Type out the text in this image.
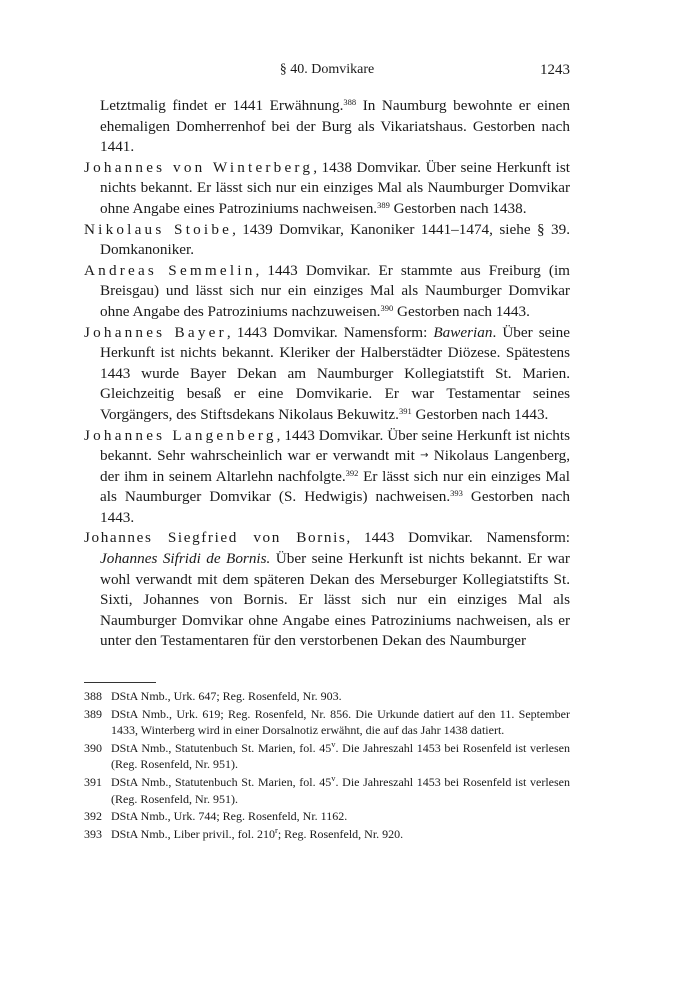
§ 40. Domvikare	1243

Letztmalig findet er 1441 Erwähnung.$^{388}$ In Naumburg bewohnte er einen ehemaligen Domherrenhof bei der Burg als Vikariatshaus. Gestorben nach 1441.

Johannes von Winterberg, 1438 Domvikar. Über seine Herkunft ist nichts bekannt. Er lässt sich nur ein einziges Mal als Naumburger Domvikar ohne Angabe eines Patroziniums nachweisen.$^{389}$ Gestorben nach 1438.

Nikolaus Stoibe, 1439 Domvikar, Kanoniker 1441–1474, siehe § 39. Domkanoniker.

Andreas Semmelin, 1443 Domvikar. Er stammte aus Freiburg (im Breisgau) und lässt sich nur ein einziges Mal als Naumburger Domvikar ohne Angabe des Patroziniums nachzuweisen.$^{390}$ Gestorben nach 1443.

Johannes Bayer, 1443 Domvikar. Namensform: Bawerian. Über seine Herkunft ist nichts bekannt. Kleriker der Halberstädter Diözese. Spätestens 1443 wurde Bayer Dekan am Naumburger Kollegiatstift St. Marien. Gleichzeitig besaß er eine Domvikarie. Er war Testamentar seines Vorgängers, des Stiftsdekans Nikolaus Bekuwitz.$^{391}$ Gestorben nach 1443.

Johannes Langenberg, 1443 Domvikar. Über seine Herkunft ist nichts bekannt. Sehr wahrscheinlich war er verwandt mit → Nikolaus Langenberg, der ihm in seinem Altarlehn nachfolgte.$^{392}$ Er lässt sich nur ein einziges Mal als Naumburger Domvikar (S. Hedwigis) nachweisen.$^{393}$ Gestorben nach 1443.

Johannes Siegfried von Bornis, 1443 Domvikar. Namensform: Johannes Sifridi de Bornis. Über seine Herkunft ist nichts bekannt. Er war wohl verwandt mit dem späteren Dekan des Merseburger Kollegiatstifts St. Sixti, Johannes von Bornis. Er lässt sich nur ein einziges Mal als Naumburger Domvikar ohne Angabe eines Patroziniums nachweisen, als er unter den Testamentaren für den verstorbenen Dekan des Naumburger

388 DStA Nmb., Urk. 647; Reg. Rosenfeld, Nr. 903.

389 DStA Nmb., Urk. 619; Reg. Rosenfeld, Nr. 856. Die Urkunde datiert auf den 11. September 1433, Winterberg wird in einer Dorsalnotiz erwähnt, die auf das Jahr 1438 datiert.

390 DStA Nmb., Statutenbuch St. Marien, fol. 45$^v$. Die Jahreszahl 1453 bei Rosenfeld ist verlesen (Reg. Rosenfeld, Nr. 951).

391 DStA Nmb., Statutenbuch St. Marien, fol. 45$^v$. Die Jahreszahl 1453 bei Rosenfeld ist verlesen (Reg. Rosenfeld, Nr. 951).

392 DStA Nmb., Urk. 744; Reg. Rosenfeld, Nr. 1162.

393 DStA Nmb., Liber privil., fol. 210$^r$; Reg. Rosenfeld, Nr. 920.
